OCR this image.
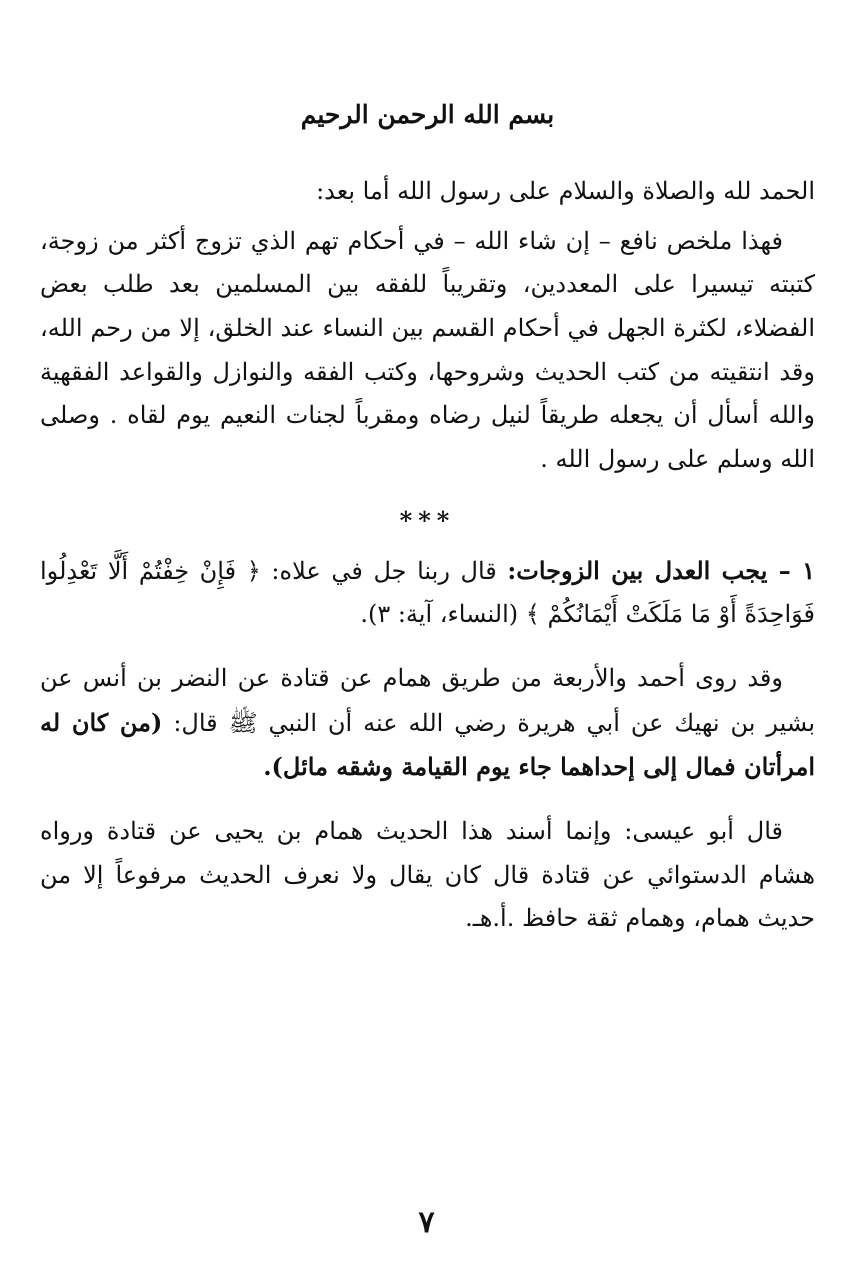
بسم الله الرحمن الرحيم

الحمد لله والصلاة والسلام على رسول الله أما بعد:

فهذا ملخص نافع – إن شاء الله – في أحكام تهم الذي تزوج أكثر من زوجة، كتبته تيسيرا على المعددين، وتقريباً للفقه بين المسلمين بعد طلب بعض الفضلاء، لكثرة الجهل في أحكام القسم بين النساء عند الخلق، إلا من رحم الله، وقد انتقيته من كتب الحديث وشروحها، وكتب الفقه والنوازل والقواعد الفقهية والله أسأل أن يجعله طريقاً لنيل رضاه ومقرباً لجنات النعيم يوم لقاه . وصلى الله وسلم على رسول الله .

***

١ – يجب العدل بين الزوجات: قال ربنا جل في علاه: ﴿ فَإِنْ خِفْتُمْ أَلَّا تَعْدِلُوا فَوَاحِدَةً أَوْ مَا مَلَكَتْ أَيْمَانُكُمْ ﴾ (النساء، آية: ٣).

وقد روى أحمد والأربعة من طريق همام عن قتادة عن النضر بن أنس عن بشير بن نهيك عن أبي هريرة رضي الله عنه أن النبي ﷺ قال: (من كان له امرأتان فمال إلى إحداهما جاء يوم القيامة وشقه مائل).

قال أبو عيسى: وإنما أسند هذا الحديث همام بن يحيى عن قتادة ورواه هشام الدستوائي عن قتادة قال كان يقال ولا نعرف الحديث مرفوعاً إلا من حديث همام، وهمام ثقة حافظ .أ.هـ.

٧
